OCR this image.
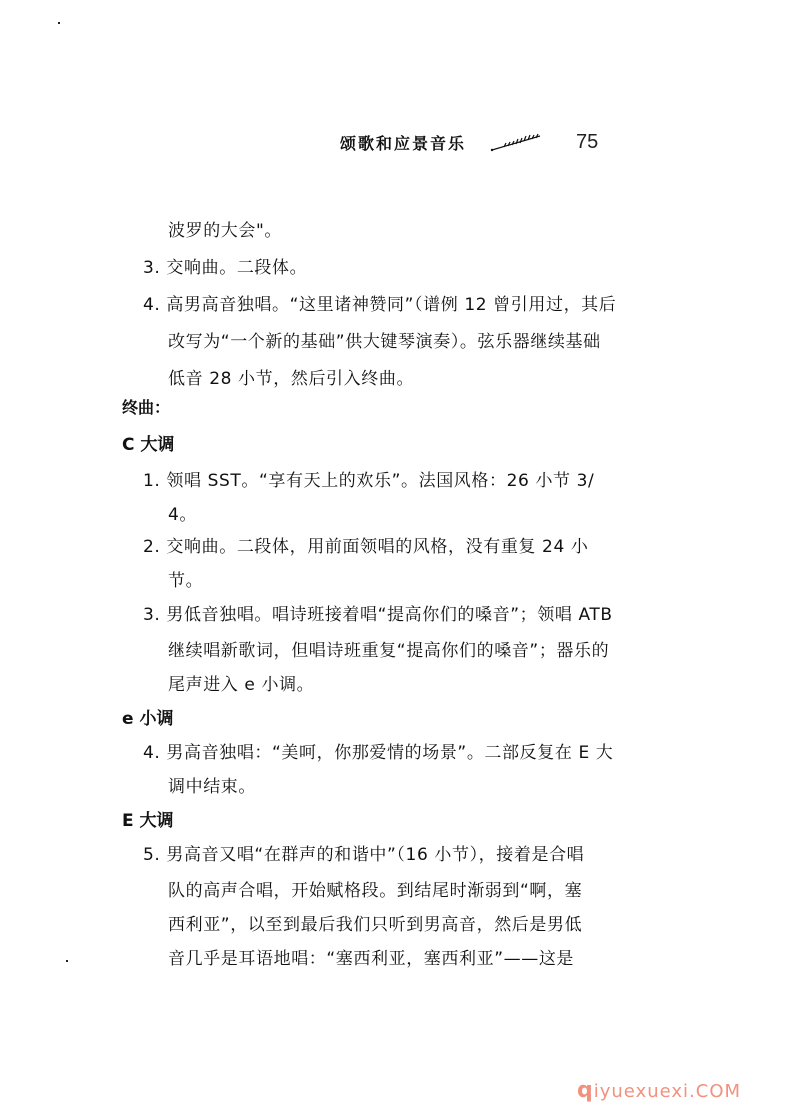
颂歌和应景音乐	75
波罗的大会"。
3. 交响曲。二段体。
4. 高男高音独唱。“这里诸神赞同”（谱例 12 曾引用过，其后
改写为“一个新的基础”供大键琴演奏）。弦乐器继续基础
低音 28 小节，然后引入终曲。
终曲：
C 大调
1. 领唱 SST。“享有天上的欢乐”。法国风格：26 小节 3/
4。
2. 交响曲。二段体，用前面领唱的风格，没有重复 24 小
节。
3. 男低音独唱。唱诗班接着唱“提高你们的嗓音”；领唱 ATB
继续唱新歌词，但唱诗班重复“提高你们的嗓音”；器乐的
尾声进入 e 小调。
e 小调
4. 男高音独唱：“美呵，你那爱情的场景”。二部反复在 E 大
调中结束。
E 大调
5. 男高音又唱“在群声的和谐中”（16 小节），接着是合唱
队的高声合唱，开始赋格段。到结尾时渐弱到“啊，塞
西利亚”，以至到最后我们只听到男高音，然后是男低
音几乎是耳语地唱：“塞西利亚，塞西利亚”——这是
qiyuexuexi.COM
